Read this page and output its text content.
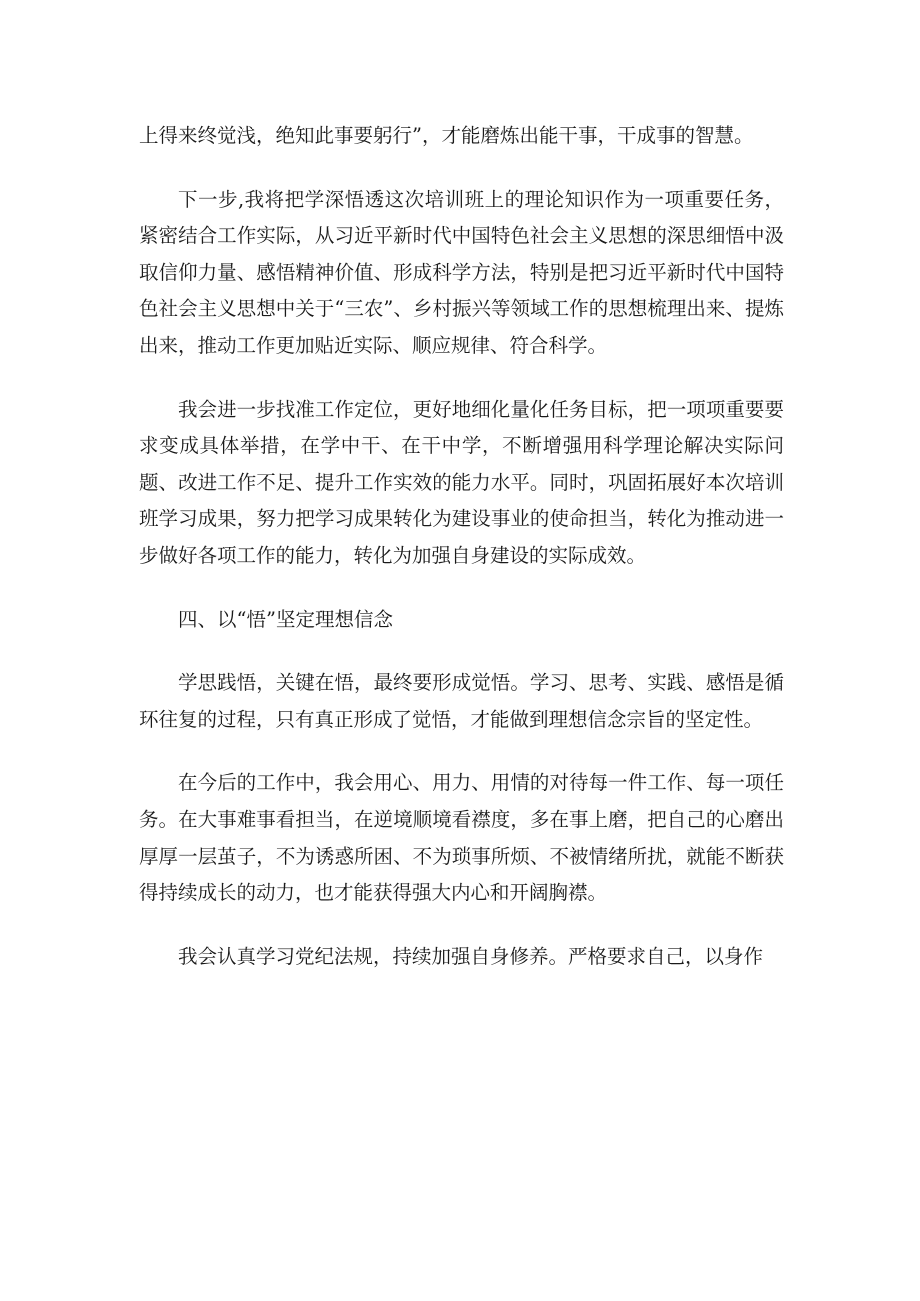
上得来终觉浅，绝知此事要躬行”，才能磨炼出能干事，干成事的智慧。

下一步,我将把学深悟透这次培训班上的理论知识作为一项重要任务，紧密结合工作实际，从习近平新时代中国特色社会主义思想的深思细悟中汲取信仰力量、感悟精神价值、形成科学方法，特别是把习近平新时代中国特色社会主义思想中关于“三农”、乡村振兴等领域工作的思想梳理出来、提炼出来，推动工作更加贴近实际、顺应规律、符合科学。

我会进一步找准工作定位，更好地细化量化任务目标，把一项项重要要求变成具体举措，在学中干、在干中学，不断增强用科学理论解决实际问题、改进工作不足、提升工作实效的能力水平。同时，巩固拓展好本次培训班学习成果，努力把学习成果转化为建设事业的使命担当，转化为推动进一步做好各项工作的能力，转化为加强自身建设的实际成效。

四、以“悟”坚定理想信念

学思践悟，关键在悟，最终要形成觉悟。学习、思考、实践、感悟是循环往复的过程，只有真正形成了觉悟，才能做到理想信念宗旨的坚定性。

在今后的工作中，我会用心、用力、用情的对待每一件工作、每一项任务。在大事难事看担当，在逆境顺境看襟度，多在事上磨，把自己的心磨出厚厚一层茧子，不为诱惑所困、不为琐事所烦、不被情绪所扰，就能不断获得持续成长的动力，也才能获得强大内心和开阔胸襟。

我会认真学习党纪法规，持续加强自身修养。严格要求自己，以身作
